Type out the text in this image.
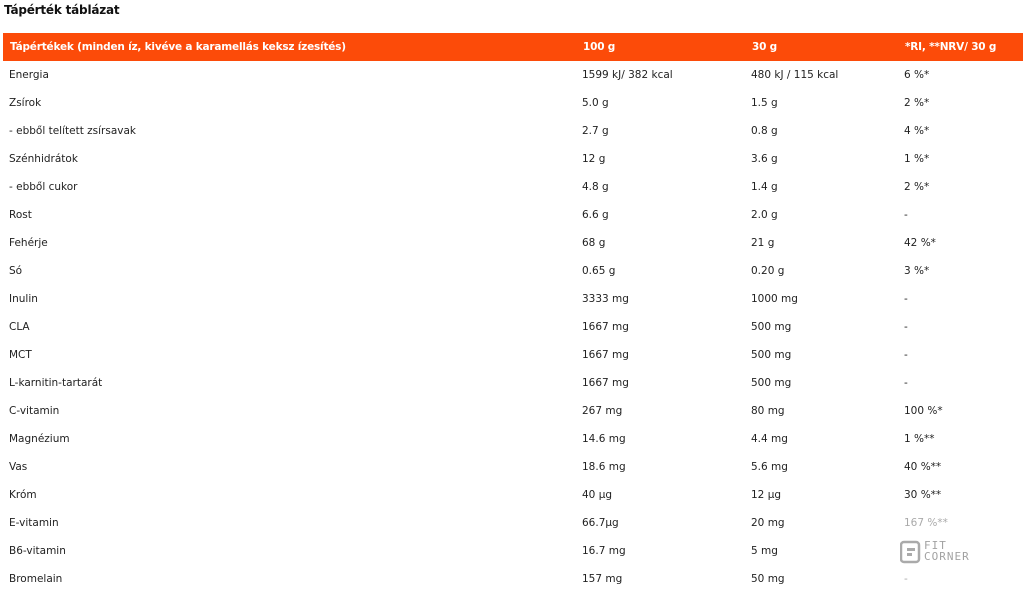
Tápérték táblázat
Tápértékek (minden íz, kivéve a karamellás keksz ízesítés)	100 g	30 g	*RI, **NRV/ 30 g
Energia	1599 kJ/ 382 kcal	480 kJ / 115 kcal	6 %*
Zsírok	5.0 g	1.5 g	2 %*
- ebből telített zsírsavak	2.7 g	0.8 g	4 %*
Szénhidrátok	12 g	3.6 g	1 %*
- ebből cukor	4.8 g	1.4 g	2 %*
Rost	6.6 g	2.0 g	-
Fehérje	68 g	21 g	42 %*
Só	0.65 g	0.20 g	3 %*
Inulin	3333 mg	1000 mg	-
CLA	1667 mg	500 mg	-
MCT	1667 mg	500 mg	-
L-karnitin-tartarát	1667 mg	500 mg	-
C-vitamin	267 mg	80 mg	100 %*
Magnézium	14.6 mg	4.4 mg	1 %**
Vas	18.6 mg	5.6 mg	40 %**
Króm	40 µg	12 µg	30 %**
E-vitamin	66.7µg	20 mg	167 %**
B6-vitamin	16.7 mg	5 mg	
Bromelain	157 mg	50 mg	-
FIT
CORNER
